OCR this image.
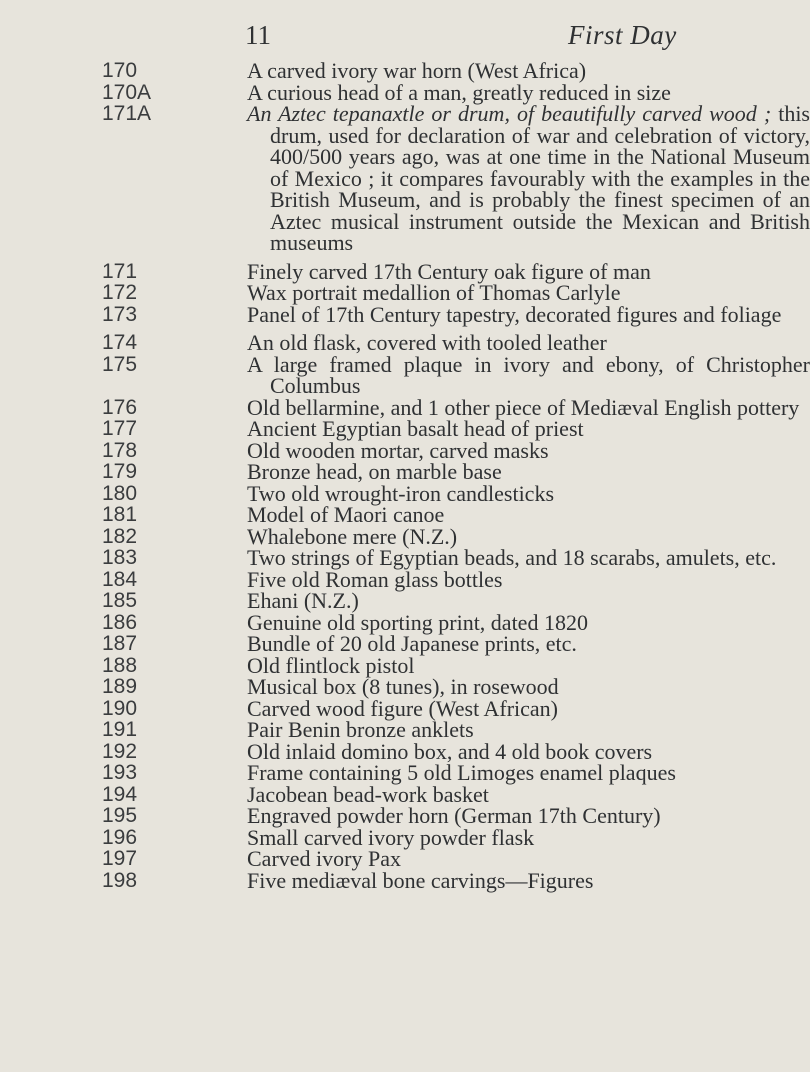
11	First Day
170	A carved ivory war horn (West Africa)
170A	A curious head of a man, greatly reduced in size
171A	An Aztec tepanaxtle or drum, of beautifully carved wood ; this drum, used for declaration of war and celebration of victory, 400/500 years ago, was at one time in the National Museum of Mexico ; it compares favourably with the examples in the British Museum, and is probably the finest specimen of an Aztec musical instrument outside the Mexican and British museums
171	Finely carved 17th Century oak figure of man
172	Wax portrait medallion of Thomas Carlyle
173	Panel of 17th Century tapestry, decorated figures and foliage
174	An old flask, covered with tooled leather
175	A large framed plaque in ivory and ebony, of Christopher Columbus
176	Old bellarmine, and 1 other piece of Mediæval English pottery
177	Ancient Egyptian basalt head of priest
178	Old wooden mortar, carved masks
179	Bronze head, on marble base
180	Two old wrought-iron candlesticks
181	Model of Maori canoe
182	Whalebone mere (N.Z.)
183	Two strings of Egyptian beads, and 18 scarabs, amulets, etc.
184	Five old Roman glass bottles
185	Ehani (N.Z.)
186	Genuine old sporting print, dated 1820
187	Bundle of 20 old Japanese prints, etc.
188	Old flintlock pistol
189	Musical box (8 tunes), in rosewood
190	Carved wood figure (West African)
191	Pair Benin bronze anklets
192	Old inlaid domino box, and 4 old book covers
193	Frame containing 5 old Limoges enamel plaques
194	Jacobean bead-work basket
195	Engraved powder horn (German 17th Century)
196	Small carved ivory powder flask
197	Carved ivory Pax
198	Five mediæval bone carvings—Figures
